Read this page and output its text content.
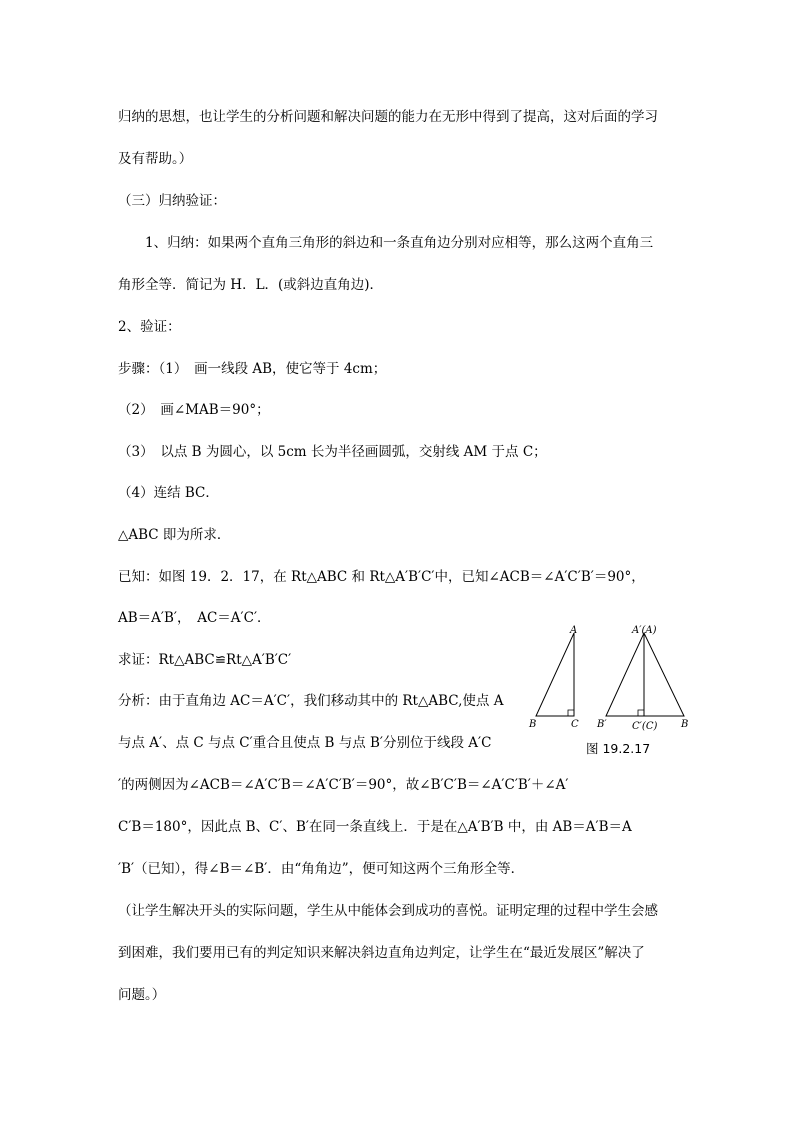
归纳的思想，也让学生的分析问题和解决问题的能力在无形中得到了提高，这对后面的学习
及有帮助。）
（三）归纳验证：
　　1、归纳：如果两个直角三角形的斜边和一条直角边分别对应相等，那么这两个直角三
角形全等．简记为 H．L．(或斜边直角边)．
2、验证：
步骤：（1）　画一线段 AB，使它等于 4cm；
（2）　画∠MAB＝90°；
（3）　以点 B 为圆心，以 5cm 长为半径画圆弧，交射线 AM 于点 C；
（4）连结 BC．
△ABC 即为所求．
已知：如图 19．2．17，在 Rt△ABC 和 Rt△A′B′C′中，已知∠ACB＝∠A′C′B′＝90°，
AB＝A′B′，　AC＝A′C′．
求证：Rt△ABC≌Rt△A′B′C′
分析：由于直角边 AC＝A′C′，我们移动其中的 Rt△ABC,使点 A
与点 A′、点 C 与点 C′重合且使点 B 与点 B′分别位于线段 A′C
′的两侧因为∠ACB＝∠A′C′B＝∠A′C′B′＝90°，故∠B′C′B＝∠A′C′B′＋∠A′
C′B＝180°，因此点 B、C′、B′在同一条直线上．于是在△A′B′B 中，由 AB＝A′B＝A
′B′（已知），得∠B＝∠B′．由“角角边”，便可知这两个三角形全等．
（让学生解决开头的实际问题，学生从中能体会到成功的喜悦。证明定理的过程中学生会感
到困难，我们要用已有的判定知识来解决斜边直角边判定，让学生在“最近发展区”解决了
问题。）
A
B	C
A′(A)
B′	C′(C) B
图 19.2.17
